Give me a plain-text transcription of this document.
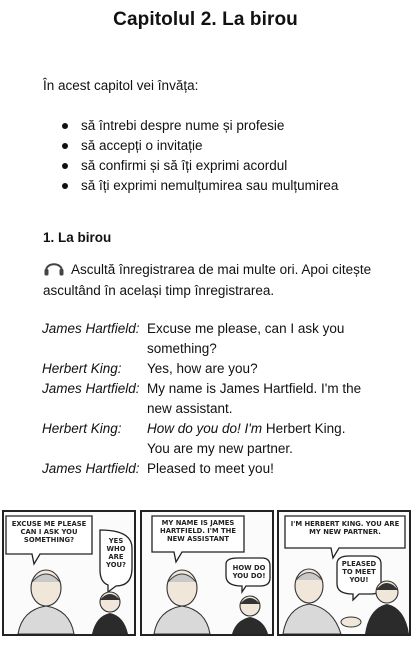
Capitolul 2. La birou
În acest capitol vei învăța:
să întrebi despre nume și profesie
să accepți o invitație
să confirmi și să îți exprimi acordul
să îți exprimi nemulțumirea sau mulțumirea
1. La birou
Ascultă înregistrarea de mai multe ori. Apoi citește ascultând în același timp înregistrarea.
James Hartfield: Excuse me please, can I ask you
something?
Herbert King:	Yes, how are you?
James Hartfield: My name is James Hartfield. I'm the
new assistant.
Herbert King:	How do you do! I'm Herbert King.
You are my new partner.
James Hartfield: Pleased to meet you!
EXCUSE ME PLEASE CAN I ASK YOU SOMETHING?	YES WHO ARE YOU?
MY NAME IS JAMES HARTFIELD. I'M THE NEW ASSISTANT
HOW DO YOU DO!
I'M HERBERT KING. YOU ARE MY NEW PARTNER.
PLEASED TO MEET YOU!
